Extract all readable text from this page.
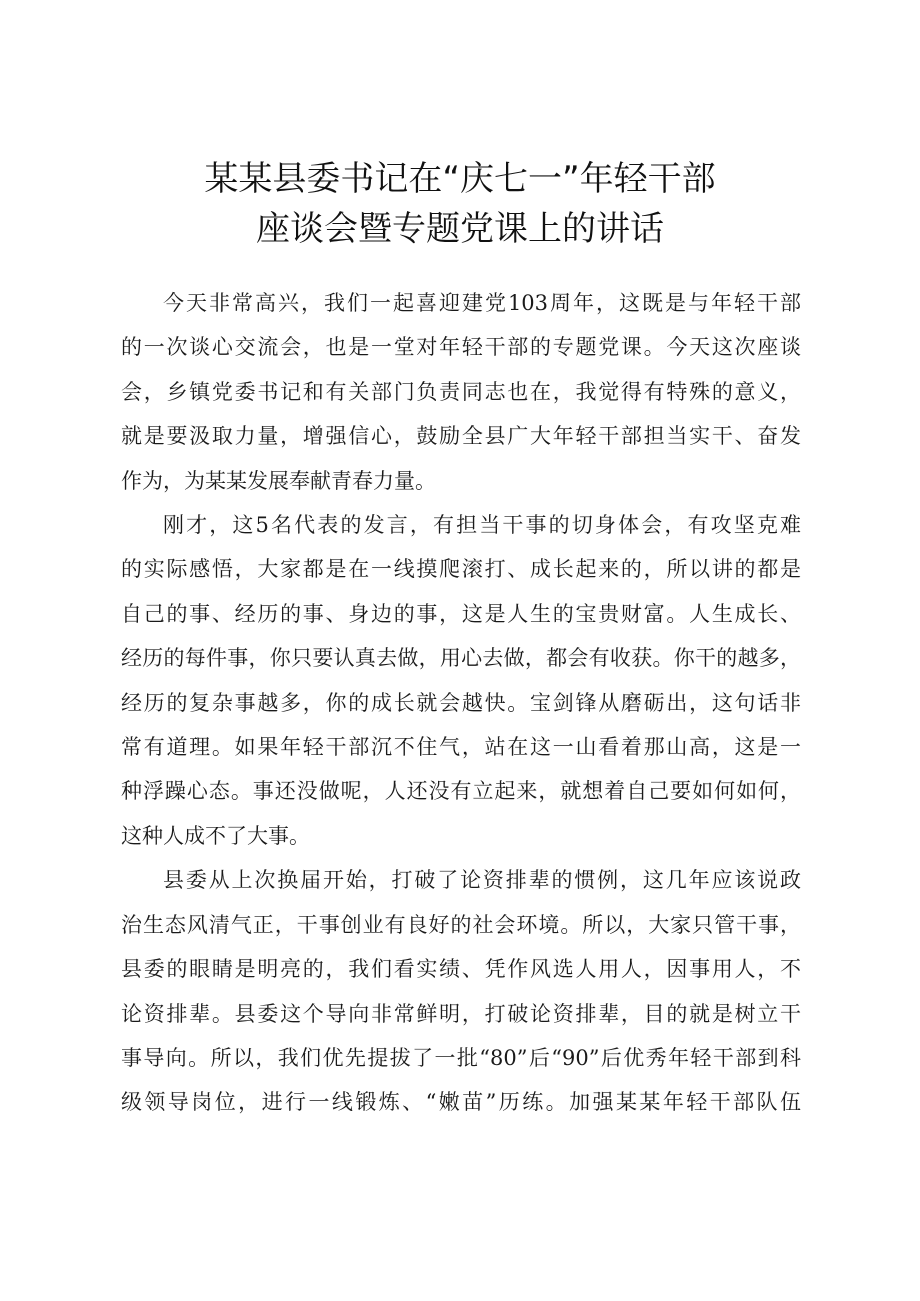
某某县委书记在“庆七一”年轻干部
座谈会暨专题党课上的讲话

今天非常高兴，我们一起喜迎建党103周年，这既是与年轻干部
的一次谈心交流会，也是一堂对年轻干部的专题党课。今天这次座谈
会，乡镇党委书记和有关部门负责同志也在，我觉得有特殊的意义，
就是要汲取力量，增强信心，鼓励全县广大年轻干部担当实干、奋发
作为，为某某发展奉献青春力量。

刚才，这5名代表的发言，有担当干事的切身体会，有攻坚克难
的实际感悟，大家都是在一线摸爬滚打、成长起来的，所以讲的都是
自己的事、经历的事、身边的事，这是人生的宝贵财富。人生成长、
经历的每件事，你只要认真去做，用心去做，都会有收获。你干的越多，
经历的复杂事越多，你的成长就会越快。宝剑锋从磨砺出，这句话非
常有道理。如果年轻干部沉不住气，站在这一山看着那山高，这是一
种浮躁心态。事还没做呢，人还没有立起来，就想着自己要如何如何，
这种人成不了大事。

县委从上次换届开始，打破了论资排辈的惯例，这几年应该说政
治生态风清气正，干事创业有良好的社会环境。所以，大家只管干事，
县委的眼睛是明亮的，我们看实绩、凭作风选人用人，因事用人，不
论资排辈。县委这个导向非常鲜明，打破论资排辈，目的就是树立干
事导向。所以，我们优先提拔了一批“80”后“90”后优秀年轻干部到科
级领导岗位，进行一线锻炼、“嫩苗”历练。加强某某年轻干部队伍
